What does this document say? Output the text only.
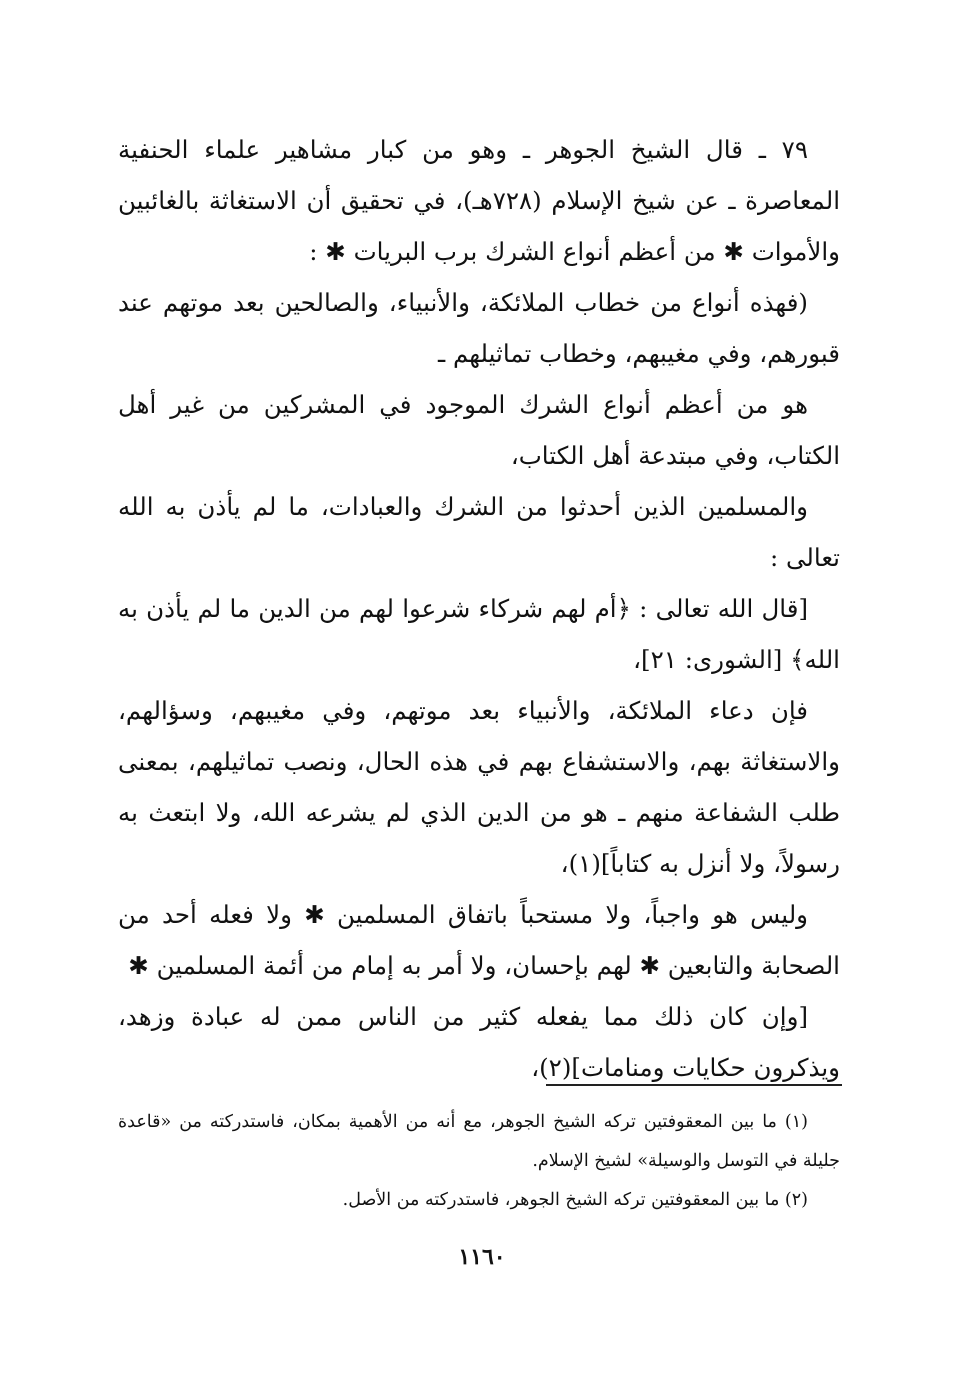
٧٩ ـ قال الشيخ الجوهر ـ وهو من كبار مشاهير علماء الحنفية المعاصرة ـ عن شيخ الإسلام (٧٢٨هـ)، في تحقيق أن الاستغاثة بالغائبين والأموات ✱ من أعظم أنواع الشرك برب البريات ✱ :

(فهذه أنواع من خطاب الملائكة، والأنبياء، والصالحين بعد موتهم عند قبورهم، وفي مغيبهم، وخطاب تماثيلهم ـ

هو من أعظم أنواع الشرك الموجود في المشركين من غير أهل الكتاب، وفي مبتدعة أهل الكتاب،

والمسلمين الذين أحدثوا من الشرك والعبادات، ما لم يأذن به الله تعالى :

[قال الله تعالى : ﴿أم لهم شركاء شرعوا لهم من الدين ما لم يأذن به الله﴾ [الشورى: ٢١]،

فإن دعاء الملائكة، والأنبياء بعد موتهم، وفي مغيبهم، وسؤالهم، والاستغاثة بهم، والاستشفاع بهم في هذه الحال، ونصب تماثيلهم، بمعنى طلب الشفاعة منهم ـ هو من الدين الذي لم يشرعه الله، ولا ابتعث به رسولاً، ولا أنزل به كتاباً](١)،

وليس هو واجباً، ولا مستحباً باتفاق المسلمين ✱ ولا فعله أحد من الصحابة والتابعين ✱ لهم بإحسان، ولا أمر به إمام من أئمة المسلمين ✱

[وإن كان ذلك مما يفعله كثير من الناس ممن له عبادة وزهد، ويذكرون حكايات ومنامات](٢)،

(١) ما بين المعقوفتين تركه الشيخ الجوهر، مع أنه من الأهمية بمكان، فاستدركته من «قاعدة جليلة في التوسل والوسيلة» لشيخ الإسلام.

(٢) ما بين المعقوفتين تركه الشيخ الجوهر، فاستدركته من الأصل.

١١٦٠
